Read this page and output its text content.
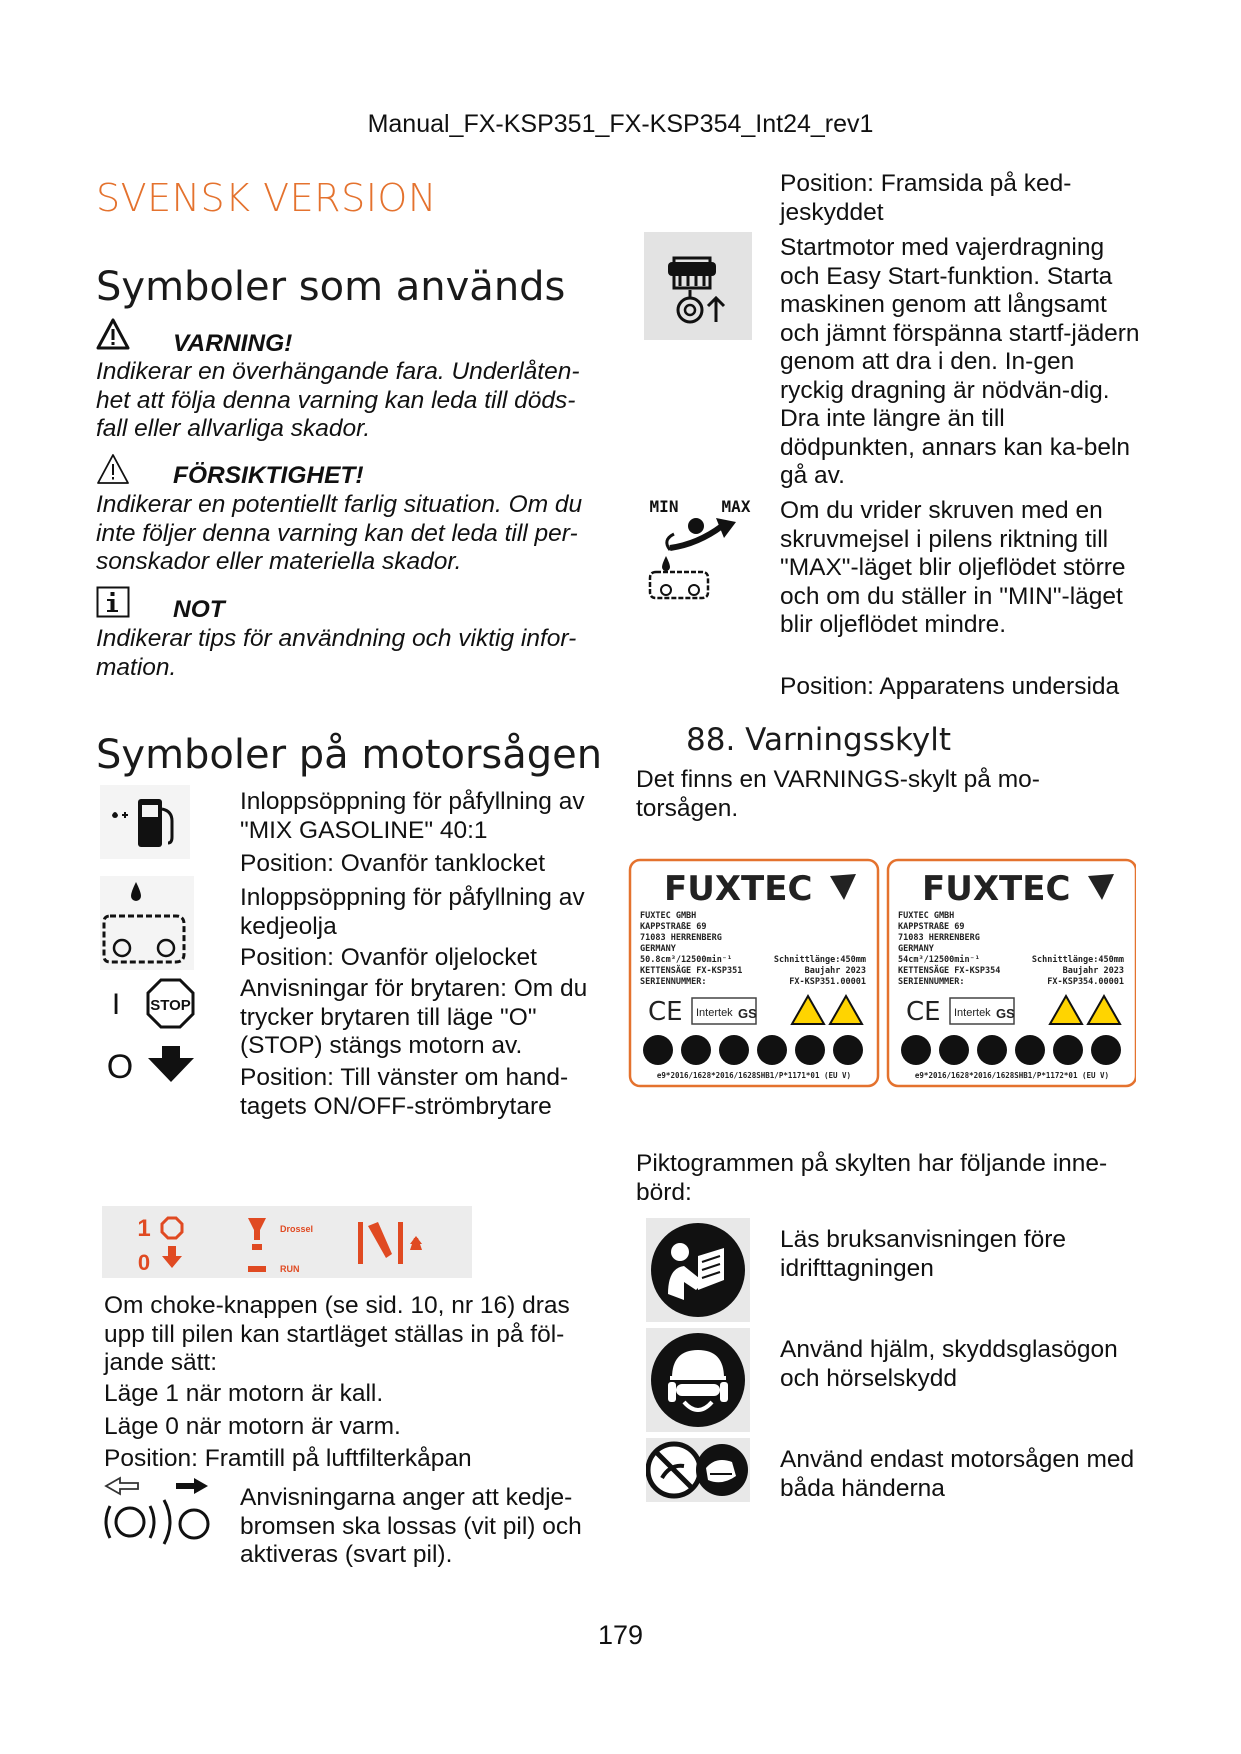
Manual_FX-KSP351_FX-KSP354_Int24_rev1
SVENSK VERSION
Symboler som används
VARNING!
Indikerar en överhängande fara. Underlåten-het att följa denna varning kan leda till döds-fall eller allvarliga skador.
FÖRSIKTIGHET!
Indikerar en potentiellt farlig situation. Om du inte följer denna varning kan det leda till per-sonskador eller materiella skador.
NOT
Indikerar tips för användning och viktig infor-mation.
Symboler på motorsågen
Inloppsöppning för påfyllning av "MIX GASOLINE" 40:1
Position: Ovanför tanklocket
Inloppsöppning för påfyllning av kedjeolja
Position: Ovanför oljelocket
I STOP
O
Anvisningar för brytaren: Om du trycker brytaren till läge "O" (STOP) stängs motorn av.
Position: Till vänster om hand-tagets ON/OFF-strömbrytare
1
0
Drossel
RUN
Om choke-knappen (se sid. 10, nr 16) dras upp till pilen kan startläget ställas in på föl-jande sätt:
Läge 1 när motorn är kall.
Läge 0 när motorn är varm.
Position: Framtill på luftfilterkåpan
Anvisningarna anger att kedje-bromsen ska lossas (vit pil) och aktiveras (svart pil).
Position: Framsida på ked-jeskyddet
Startmotor med vajerdragning och Easy Start-funktion. Starta maskinen genom att långsamt och jämnt förspänna startf-jädern genom att dra i den. In-gen ryckig dragning är nödvän-dig. Dra inte längre än till dödpunkten, annars kan ka-beln gå av.
MIN	MAX Om du vrider skruven med en skruvmejsel i pilens riktning till "MAX"-läget blir oljeflödet större och om du ställer in "MIN"-läget blir oljeflödet mindre.
Position: Apparatens undersida
88. Varningsskylt
Det finns en VARNINGS-skylt på mo-torsågen.
FUXTEC
FUXTEC GMBH
KAPPSTRAßE 69
71083 HERRENBERG
GERMANY
50.8cm³/12500min⁻¹
KETTENSÄGE FX-KSP351
SERIENNUMMER:
Schnittlänge:450mm
Baujahr 2023
FX-KSP351.00001
CE Intertek GS
e9*2016/1628*2016/1628SHB1/P*1171*01 (EU V)
FUXTEC
FUXTEC GMBH
KAPPSTRAßE 69
71083 HERRENBERG
GERMANY
54cm³/12500min⁻¹
KETTENSÄGE FX-KSP354
SERIENNUMMER:
Schnittlänge:450mm
Baujahr 2023
FX-KSP354.00001
CE Intertek GS
e9*2016/1628*2016/1628SHB1/P*1172*01 (EU V)
Piktogrammen på skylten har följande inne-börd:
Läs bruksanvisningen före idrifttagningen
Använd hjälm, skyddsglasögon och hörselskydd
Använd endast motorsågen med båda händerna
179
